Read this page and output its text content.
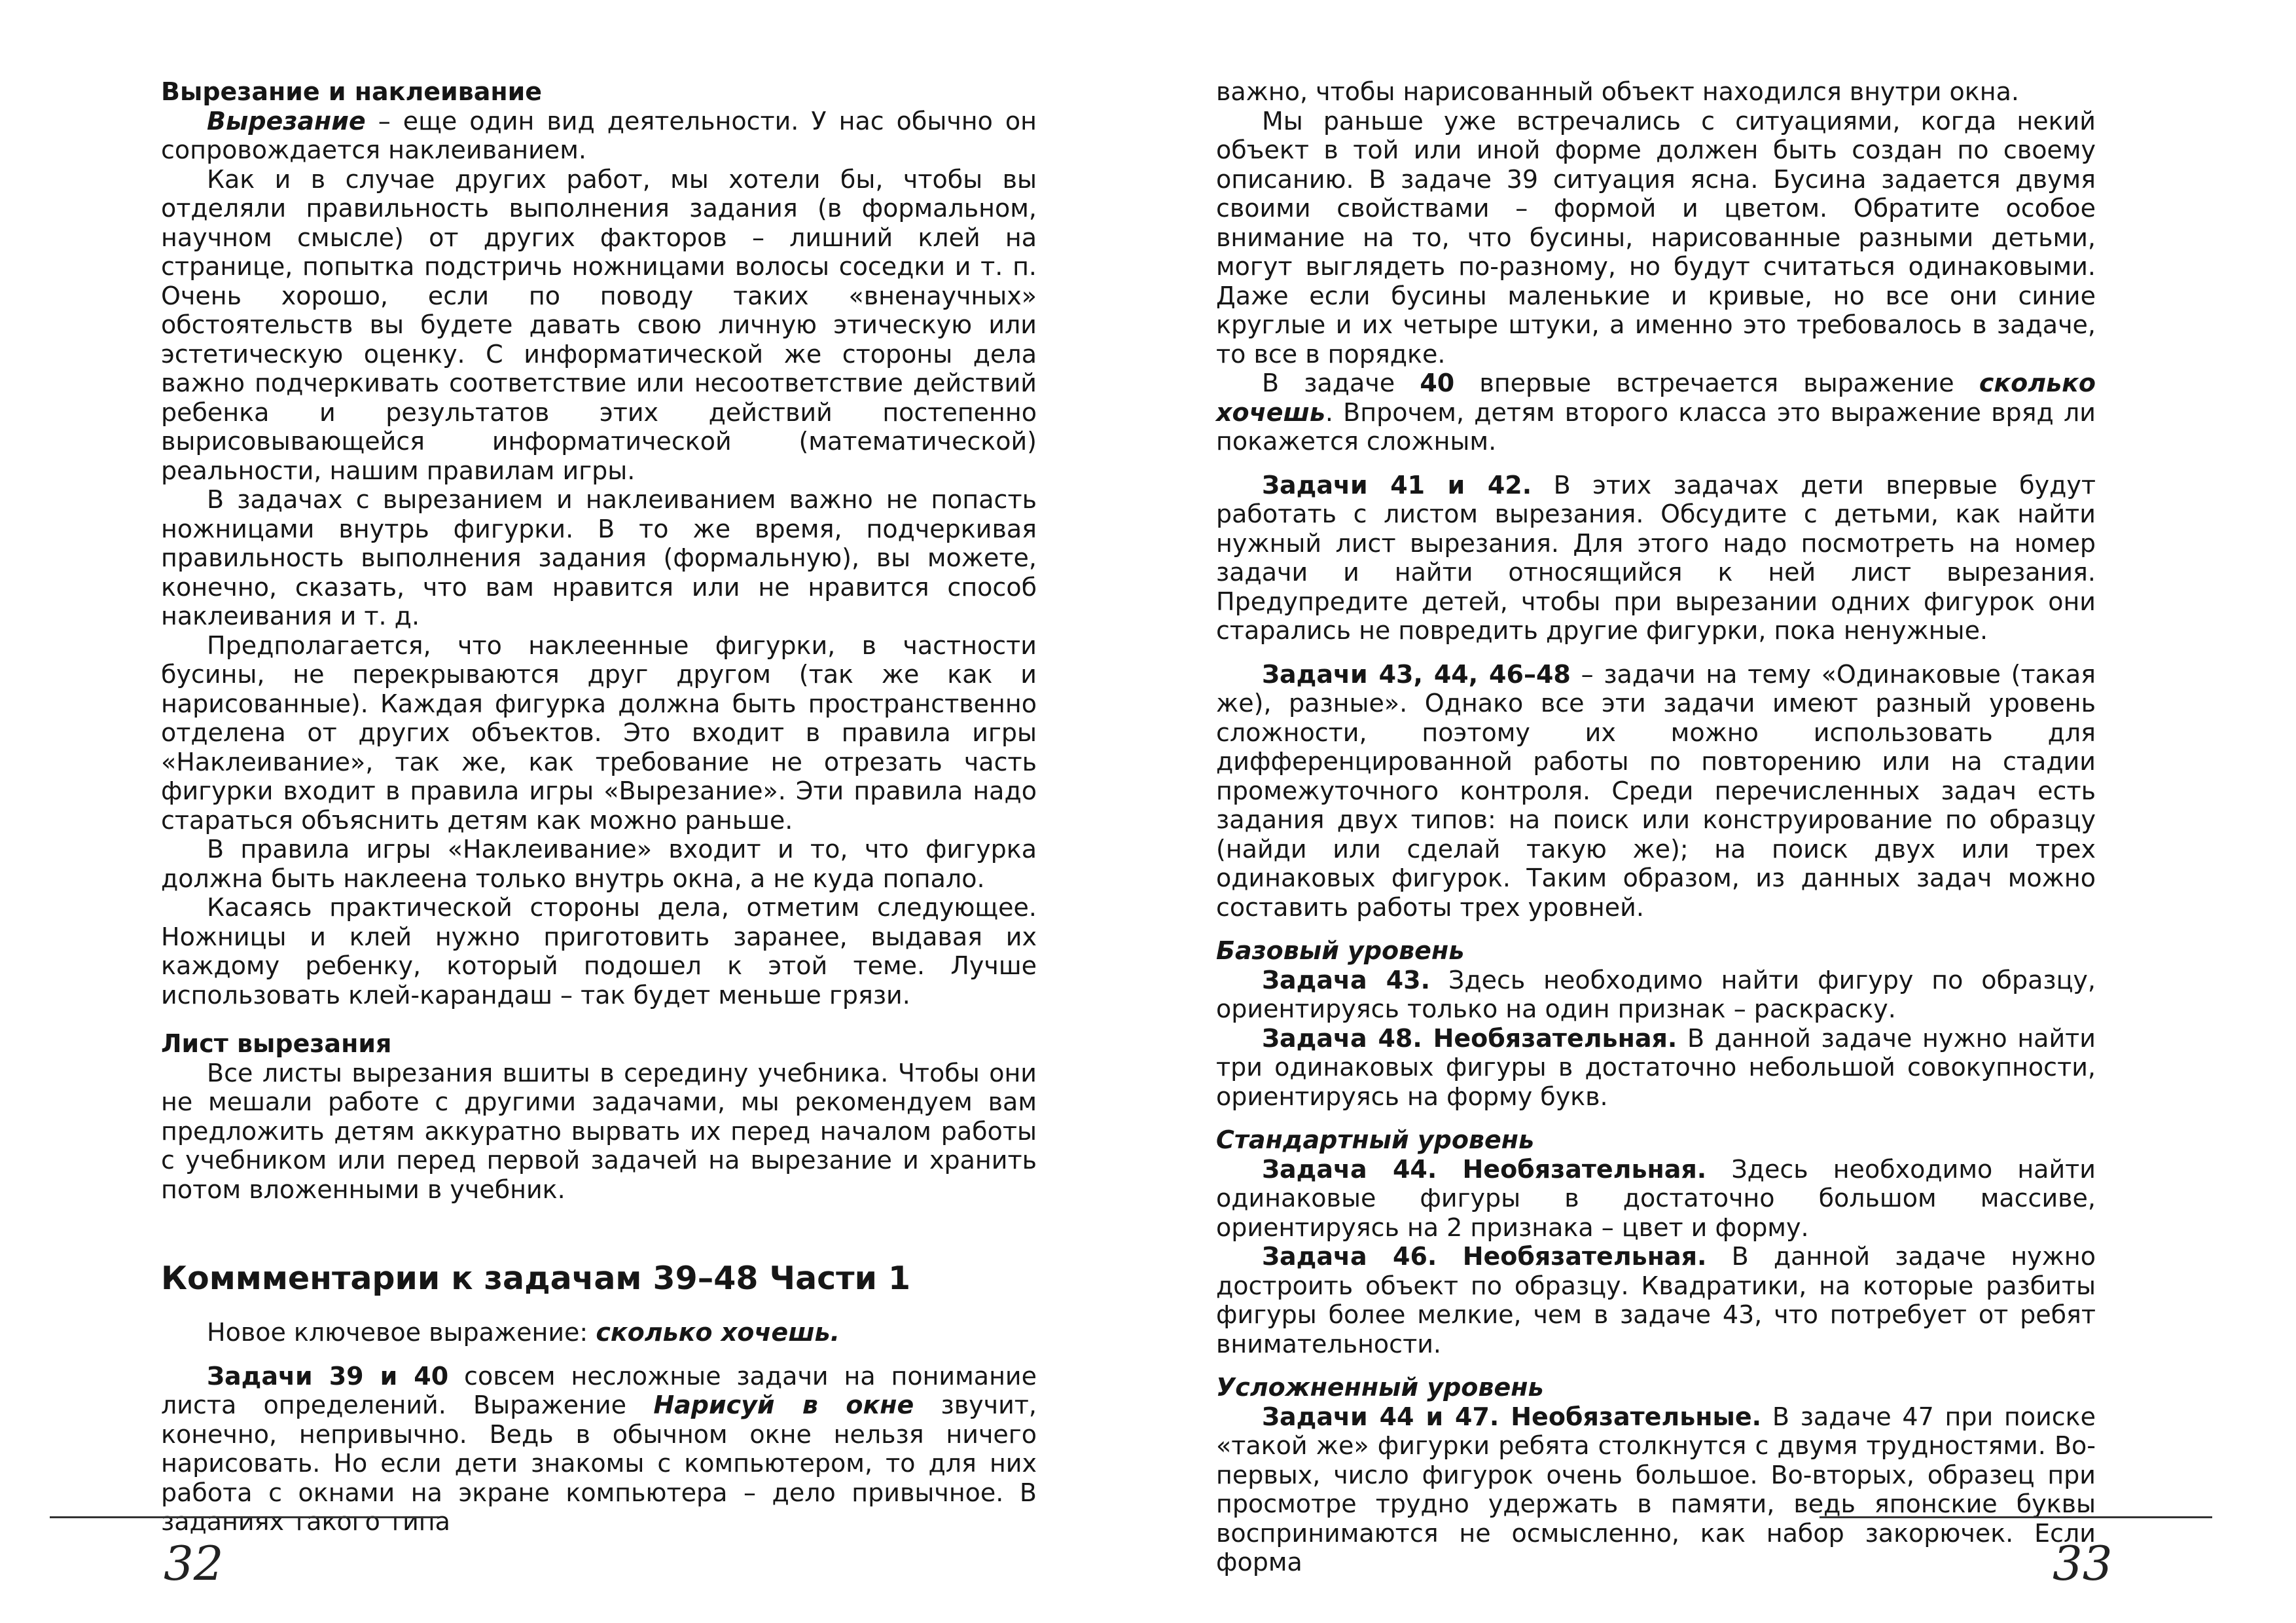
Вырезание и наклеивание

Вырезание – еще один вид деятельности. У нас обычно он сопровождается наклеиванием.

Как и в случае других работ, мы хотели бы, чтобы вы отделяли правильность выполнения задания (в формальном, научном смысле) от других факторов – лишний клей на странице, попытка подстричь ножницами волосы соседки и т. п. Очень хорошо, если по поводу таких «вненаучных» обстоятельств вы будете давать свою личную этическую или эстетическую оценку. С информатической же стороны дела важно подчеркивать соответствие или несоответствие действий ребенка и результатов этих действий постепенно вырисовывающейся информатической (математической) реальности, нашим правилам игры.

В задачах с вырезанием и наклеиванием важно не попасть ножницами внутрь фигурки. В то же время, подчеркивая правильность выполнения задания (формальную), вы можете, конечно, сказать, что вам нравится или не нравится способ наклеивания и т. д.

Предполагается, что наклеенные фигурки, в частности бусины, не перекрываются друг другом (так же как и нарисованные). Каждая фигурка должна быть пространственно отделена от других объектов. Это входит в правила игры «Наклеивание», так же, как требование не отрезать часть фигурки входит в правила игры «Вырезание». Эти правила надо стараться объяснить детям как можно раньше.

В правила игры «Наклеивание» входит и то, что фигурка должна быть наклеена только внутрь окна, а не куда попало.

Касаясь практической стороны дела, отметим следующее. Ножницы и клей нужно приготовить заранее, выдавая их каждому ребенку, который подошел к этой теме. Лучше использовать клей-карандаш – так будет меньше грязи.

Лист вырезания

Все листы вырезания вшиты в середину учебника. Чтобы они не мешали работе с другими задачами, мы рекомендуем вам предложить детям аккуратно вырвать их перед началом работы с учебником или перед первой задачей на вырезание и хранить потом вложенными в учебник.

Коммментарии к задачам 39–48 Части 1

Новое ключевое выражение: сколько хочешь.

Задачи 39 и 40 совсем несложные задачи на понимание листа определений. Выражение Нарисуй в окне звучит, конечно, непривычно. Ведь в обычном окне нельзя ничего нарисовать. Но если дети знакомы с компьютером, то для них работа с окнами на экране компьютера – дело привычное. В заданиях такого типа

важно, чтобы нарисованный объект находился внутри окна.

Мы раньше уже встречались с ситуациями, когда некий объект в той или иной форме должен быть создан по своему описанию. В задаче 39 ситуация ясна. Бусина задается двумя своими свойствами – формой и цветом. Обратите особое внимание на то, что бусины, нарисованные разными детьми, могут выглядеть по-разному, но будут считаться одинаковыми. Даже если бусины маленькие и кривые, но все они синие круглые и их четыре штуки, а именно это требовалось в задаче, то все в порядке.

В задаче 40 впервые встречается выражение сколько хочешь. Впрочем, детям второго класса это выражение вряд ли покажется сложным.

Задачи 41 и 42. В этих задачах дети впервые будут работать с листом вырезания. Обсудите с детьми, как найти нужный лист вырезания. Для этого надо посмотреть на номер задачи и найти относящийся к ней лист вырезания. Предупредите детей, чтобы при вырезании одних фигурок они старались не повредить другие фигурки, пока ненужные.

Задачи 43, 44, 46–48 – задачи на тему «Одинаковые (такая же), разные». Однако все эти задачи имеют разный уровень сложности, поэтому их можно использовать для дифференцированной работы по повторению или на стадии промежуточного контроля. Среди перечисленных задач есть задания двух типов: на поиск или конструирование по образцу (найди или сделай такую же); на поиск двух или трех одинаковых фигурок. Таким образом, из данных задач можно составить работы трех уровней.

Базовый уровень

Задача 43. Здесь необходимо найти фигуру по образцу, ориентируясь только на один признак – раскраску.

Задача 48. Необязательная. В данной задаче нужно найти три одинаковых фигуры в достаточно небольшой совокупности, ориентируясь на форму букв.

Стандартный уровень

Задача 44. Необязательная. Здесь необходимо найти одинаковые фигуры в достаточно большом массиве, ориентируясь на 2 признака – цвет и форму.

Задача 46. Необязательная. В данной задаче нужно достроить объект по образцу. Квадратики, на которые разбиты фигуры более мелкие, чем в задаче 43, что потребует от ребят внимательности.

Усложненный уровень

Задачи 44 и 47. Необязательные. В задаче 47 при поиске «такой же» фигурки ребята столкнутся с двумя трудностями. Во-первых, число фигурок очень большое. Во-вторых, образец при просмотре трудно удержать в памяти, ведь японские буквы воспринимаются не осмысленно, как набор закорючек. Если форма

32	33
